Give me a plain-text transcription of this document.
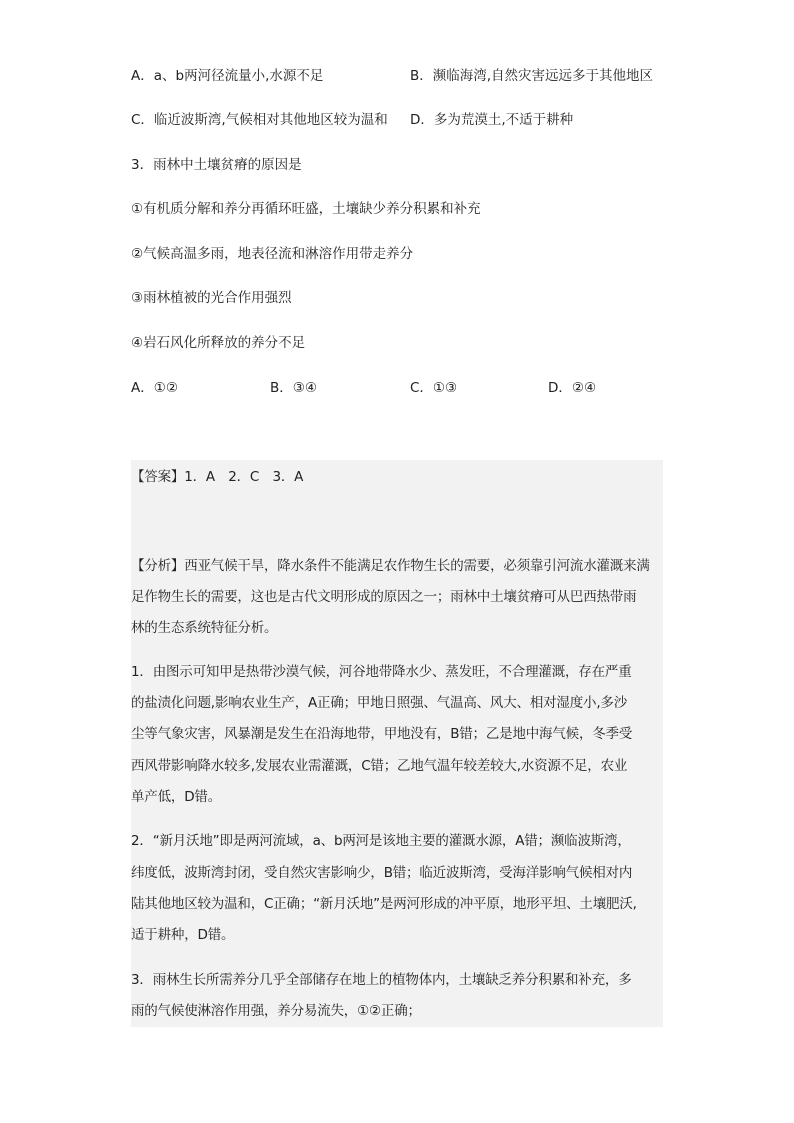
A．a、b两河径流量小,水源不足	B．濒临海湾,自然灾害远远多于其他地区
C．临近波斯湾,气候相对其他地区较为温和 D．多为荒漠土,不适于耕种
3．雨林中土壤贫瘠的原因是
①有机质分解和养分再循环旺盛，土壤缺少养分积累和补充
②气候高温多雨，地表径流和淋溶作用带走养分
③雨林植被的光合作用强烈
④岩石风化所释放的养分不足
A．①②	B．③④	C．①③	D．②④
【答案】1．A　2．C　3．A
【分析】西亚气候干旱，降水条件不能满足农作物生长的需要，必须靠引河流水灌溉来满
足作物生长的需要，这也是古代文明形成的原因之一；雨林中土壤贫瘠可从巴西热带雨
林的生态系统特征分析。
1．由图示可知甲是热带沙漠气候，河谷地带降水少、蒸发旺，不合理灌溉，存在严重
的盐渍化问题,影响农业生产，A正确；甲地日照强、气温高、风大、相对湿度小,多沙
尘等气象灾害，风暴潮是发生在沿海地带，甲地没有，B错；乙是地中海气候，冬季受
西风带影响降水较多,发展农业需灌溉，C错；乙地气温年较差较大,水资源不足，农业
单产低，D错。
2．“新月沃地”即是两河流域，a、b两河是该地主要的灌溉水源，A错；濒临波斯湾，
纬度低，波斯湾封闭，受自然灾害影响少，B错；临近波斯湾，受海洋影响气候相对内
陆其他地区较为温和，C正确；“新月沃地”是两河形成的冲平原，地形平坦、土壤肥沃,
适于耕种，D错。
3．雨林生长所需养分几乎全部储存在地上的植物体内，土壤缺乏养分积累和补充，多
雨的气候使淋溶作用强，养分易流失，①②正确；
